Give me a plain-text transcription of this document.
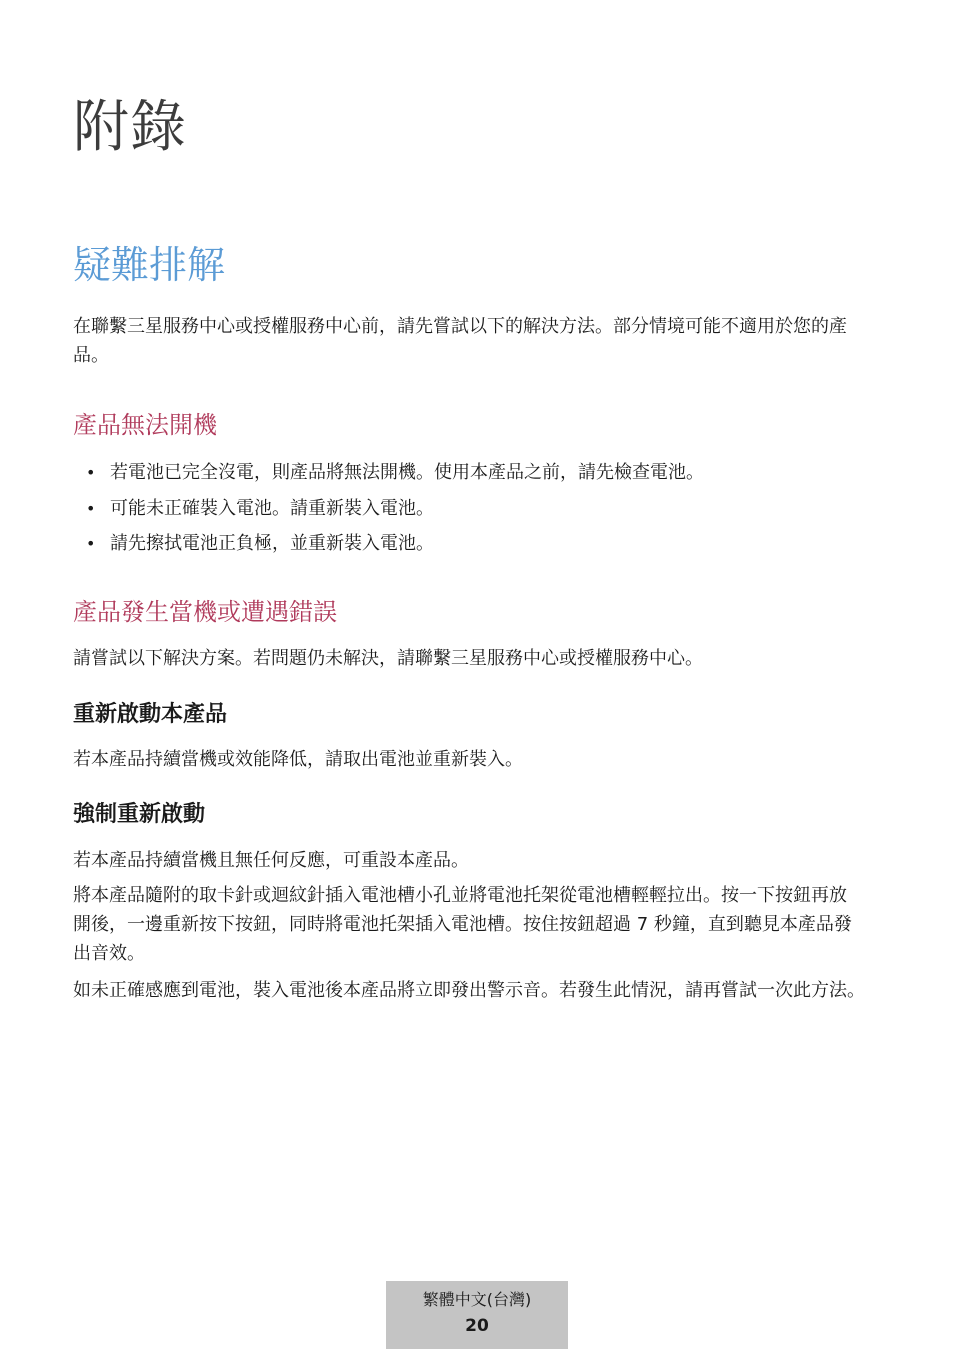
附錄
疑難排解

在聯繫三星服務中心或授權服務中心前，請先嘗試以下的解決方法。部分情境可能不適用於您的產品。

產品無法開機
• 若電池已完全沒電，則產品將無法開機。使用本產品之前，請先檢查電池。
• 可能未正確裝入電池。請重新裝入電池。
• 請先擦拭電池正負極，並重新裝入電池。
產品發生當機或遭遇錯誤

請嘗試以下解決方案。若問題仍未解決，請聯繫三星服務中心或授權服務中心。

重新啟動本產品

若本產品持續當機或效能降低，請取出電池並重新裝入。

強制重新啟動

若本產品持續當機且無任何反應，可重設本產品。

將本產品隨附的取卡針或迴紋針插入電池槽小孔並將電池托架從電池槽輕輕拉出。按一下按鈕再放開後，一邊重新按下按鈕，同時將電池托架插入電池槽。按住按鈕超過 7 秒鐘，直到聽見本產品發出音效。

如未正確感應到電池，裝入電池後本產品將立即發出警示音。若發生此情況，請再嘗試一次此方法。

繁體中文(台灣)
20
